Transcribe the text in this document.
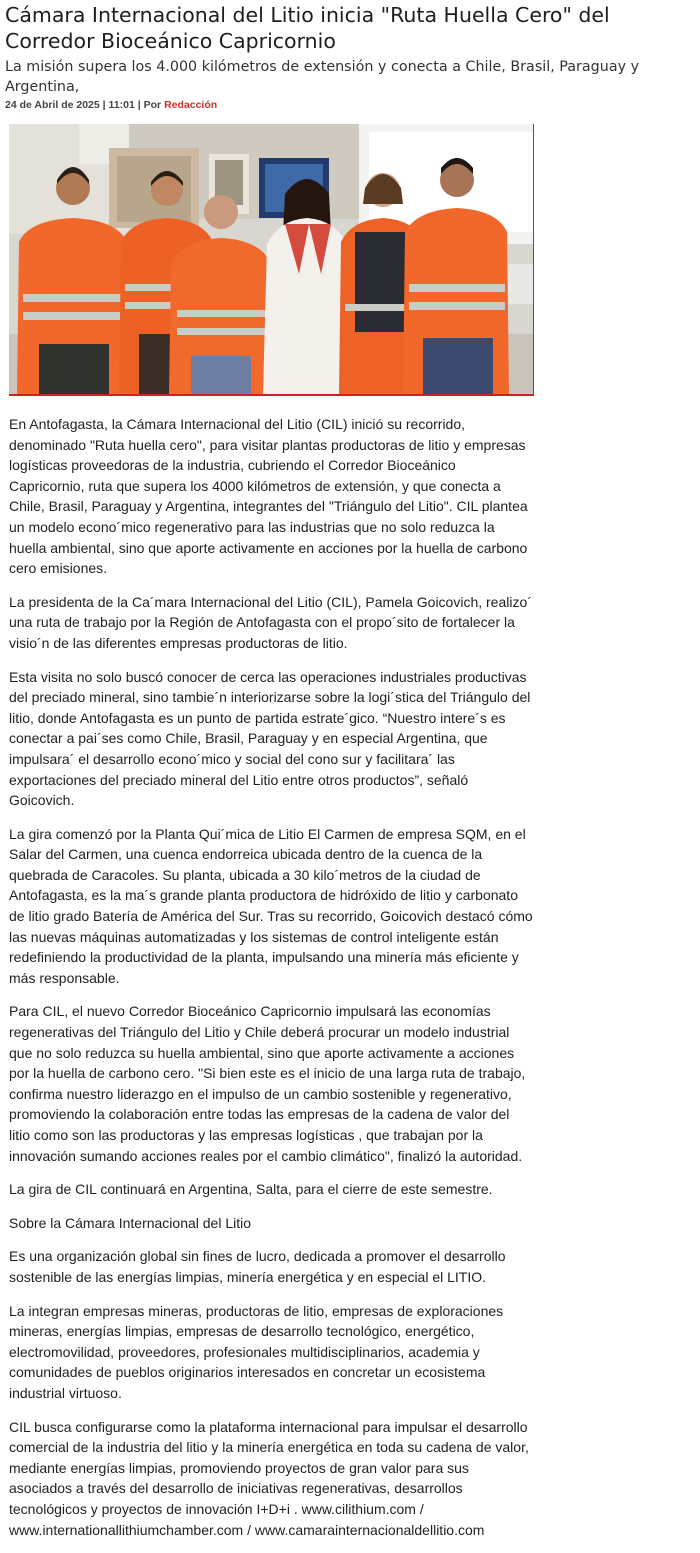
Cámara Internacional del Litio inicia "Ruta Huella Cero" del Corredor Bioceánico Capricornio

La misión supera los 4.000 kilómetros de extensión y conecta a Chile, Brasil, Paraguay y Argentina,

24 de Abril de 2025 | 11:01 | Por Redacción

En Antofagasta, la Cámara Internacional del Litio (CIL) inició su recorrido, denominado "Ruta huella cero", para visitar plantas productoras de litio y empresas logísticas proveedoras de la industria, cubriendo el Corredor Bioceánico Capricornio, ruta que supera los 4000 kilómetros de extensión, y que conecta a Chile, Brasil, Paraguay y Argentina, integrantes del "Triángulo del Litio". CIL plantea un modelo econo´mico regenerativo para las industrias que no solo reduzca la huella ambiental, sino que aporte activamente en acciones por la huella de carbono cero emisiones.

La presidenta de la Ca´mara Internacional del Litio (CIL), Pamela Goicovich, realizo´ una ruta de trabajo por la Región de Antofagasta con el propo´sito de fortalecer la visio´n de las diferentes empresas productoras de litio.

Esta visita no solo buscó conocer de cerca las operaciones industriales productivas del preciado mineral, sino tambie´n interiorizarse sobre la logi´stica del Triángulo del litio, donde Antofagasta es un punto de partida estrate´gico. “Nuestro intere´s es conectar a pai´ses como Chile, Brasil, Paraguay y en especial Argentina, que impulsara´ el desarrollo econo´mico y social del cono sur y facilitara´ las exportaciones del preciado mineral del Litio entre otros productos”, señaló Goicovich.

La gira comenzó por la Planta Qui´mica de Litio El Carmen de empresa SQM, en el Salar del Carmen, una cuenca endorreica ubicada dentro de la cuenca de la quebrada de Caracoles. Su planta, ubicada a 30 kilo´metros de la ciudad de Antofagasta, es la ma´s grande planta productora de hidróxido de litio y carbonato de litio grado Batería de América del Sur. Tras su recorrido, Goicovich destacó cómo las nuevas máquinas automatizadas y los sistemas de control inteligente están redefiniendo la productividad de la planta, impulsando una minería más eficiente y más responsable.

Para CIL, el nuevo Corredor Bioceánico Capricornio impulsará las economías regenerativas del Triángulo del Litio y Chile deberá procurar un modelo industrial que no solo reduzca su huella ambiental, sino que aporte activamente a acciones por la huella de carbono cero. "Si bien este es el inicio de una larga ruta de trabajo, confirma nuestro liderazgo en el impulso de un cambio sostenible y regenerativo, promoviendo la colaboración entre todas las empresas de la cadena de valor del litio como son las productoras y las empresas logísticas , que trabajan por la innovación sumando acciones reales por el cambio climático", finalizó la autoridad.

La gira de CIL continuará en Argentina, Salta, para el cierre de este semestre.

Sobre la Cámara Internacional del Litio

Es una organización global sin fines de lucro, dedicada a promover el desarrollo sostenible de las energías limpias, minería energética y en especial el LITIO.

La integran empresas mineras, productoras de litio, empresas de exploraciones mineras, energías limpias, empresas de desarrollo tecnológico, energético, electromovilidad, proveedores, profesionales multidisciplinarios, academia y comunidades de pueblos originarios interesados en concretar un ecosistema industrial virtuoso.

CIL busca configurarse como la plataforma internacional para impulsar el desarrollo comercial de la industria del litio y la minería energética en toda su cadena de valor, mediante energías limpias, promoviendo proyectos de gran valor para sus asociados a través del desarrollo de iniciativas regenerativas, desarrollos tecnológicos y proyectos de innovación I+D+i . www.cilithium.com / www.internationallithiumchamber.com / www.camarainternacionaldellitio.com
